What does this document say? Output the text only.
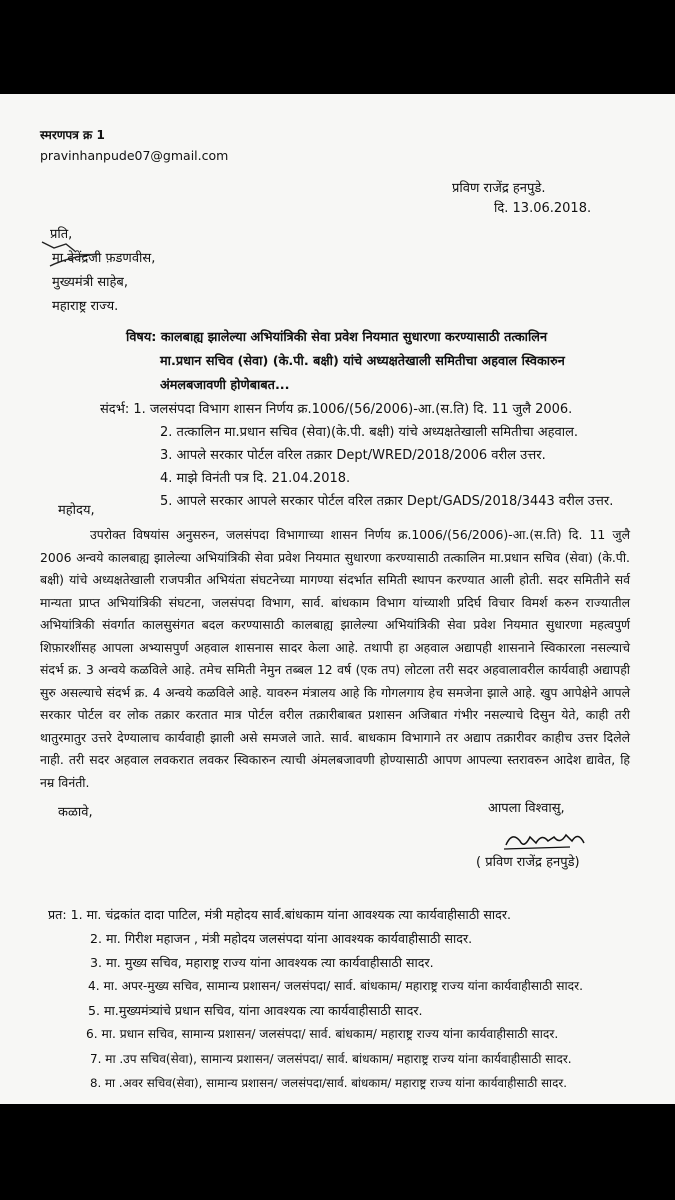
स्मरणपत्र क्र 1
pravinhanpude07@gmail.com
प्रविण राजेंद्र हनपुडे.
दि. 13.06.2018.
प्रति,
मा.देवेंद्रजी फ़डणवीस,
मुख्यमंत्री साहेब,
महाराष्ट्र राज्य.
विषय: कालबाह्य झालेल्या अभियांत्रिकी सेवा प्रवेश नियमात सुधारणा करण्यासाठी तत्कालिन
मा.प्रधान सचिव (सेवा) (के.पी. बक्षी) यांचे अध्यक्षतेखाली समितीचा अहवाल स्विकारुन
अंमलबजावणी होणेबाबत...
संदर्भ: 1. जलसंपदा विभाग शासन निर्णय क्र.1006/(56/2006)-आ.(स.ति) दि. 11 जुलै 2006.
2. तत्कालिन मा.प्रधान सचिव (सेवा)(के.पी. बक्षी) यांचे अध्यक्षतेखाली समितीचा अहवाल.
3. आपले सरकार पोर्टल वरिल तक्रार Dept/WRED/2018/2006 वरील उत्तर.
4. माझे विनंती पत्र दि. 21.04.2018.
5. आपले सरकार आपले सरकार पोर्टल वरिल तक्रार Dept/GADS/2018/3443 वरील उत्तर.
महोदय,
उपरोक्त विषयांस अनुसरुन, जलसंपदा विभागाच्या शासन निर्णय क्र.1006/(56/2006)-आ.(स.ति) दि. 11 जुलै 2006 अन्वये कालबाह्य झालेल्या अभियांत्रिकी सेवा प्रवेश नियमात सुधारणा करण्यासाठी तत्कालिन मा.प्रधान सचिव (सेवा) (के.पी. बक्षी) यांचे अध्यक्षतेखाली राजपत्रीत अभियंता संघटनेच्या मागण्या संदर्भात समिती स्थापन करण्यात आली होती. सदर समितीने सर्व मान्यता प्राप्त अभियांत्रिकी संघटना, जलसंपदा विभाग, सार्व. बांधकाम विभाग यांच्याशी प्रदिर्घ विचार विमर्श करुन राज्यातील अभियांत्रिकी संवर्गात कालसुसंगत बदल करण्यासाठी कालबाह्य झालेल्या अभियांत्रिकी सेवा प्रवेश नियमात सुधारणा महत्वपुर्ण शिफ़ारशींसह आपला अभ्यासपुर्ण अहवाल शासनास सादर केला आहे. तथापी हा अहवाल अद्यापही शासनाने स्विकारला नसल्याचे संदर्भ क्र. 3 अन्वये कळविले आहे. तमेच समिती नेमुन तब्बल 12 वर्ष (एक तप) लोटला तरी सदर अहवालावरील कार्यवाही अद्यापही सुरु असल्याचे संदर्भ क्र. 4 अन्वये कळविले आहे. यावरुन मंत्रालय आहे कि गोगलगाय हेच समजेना झाले आहे. खुप आपेक्षेने आपले सरकार पोर्टल वर लोक तक्रार करतात मात्र पोर्टल वरील तक्रारीबाबत प्रशासन अजिबात गंभीर नसल्याचे दिसुन येते, काही तरी थातुरमातुर उत्तरे देण्यालाच कार्यवाही झाली असे समजले जाते. सार्व. बाधकाम विभागाने तर अद्याप तक्रारीवर काहीच उत्तर दिलेले नाही. तरी सदर अहवाल लवकरात लवकर स्विकारुन त्याची अंमलबजावणी होण्यासाठी आपण आपल्या स्तरावरुन आदेश द्यावेत, हि नम्र विनंती.
कळावे,	आपला विश्वासु,
( प्रविण राजेंद्र हनपुडे)
प्रत: 1. मा. चंद्रकांत दादा पाटिल, मंत्री महोदय सार्व.बांधकाम यांना आवश्यक त्या कार्यवाहीसाठी सादर.
2. मा. गिरीश महाजन , मंत्री महोदय जलसंपदा यांना आवश्यक कार्यवाहीसाठी सादर.
3. मा. मुख्य सचिव, महाराष्ट्र राज्य यांना आवश्यक त्या कार्यवाहीसाठी सादर.
4. मा. अपर-मुख्य सचिव, सामान्य प्रशासन/ जलसंपदा/ सार्व. बांधकाम/ महाराष्ट्र राज्य यांना कार्यवाहीसाठी सादर.
5. मा.मुख्यमंत्र्यांचे प्रधान सचिव, यांना आवश्यक त्या कार्यवाहीसाठी सादर.
6. मा. प्रधान सचिव, सामान्य प्रशासन/ जलसंपदा/ सार्व. बांधकाम/ महाराष्ट्र राज्य यांना कार्यवाहीसाठी सादर.
7. मा .उप सचिव(सेवा), सामान्य प्रशासन/ जलसंपदा/ सार्व. बांधकाम/ महाराष्ट्र राज्य यांना कार्यवाहीसाठी सादर.
8. मा .अवर सचिव(सेवा), सामान्य प्रशासन/ जलसंपदा/सार्व. बांधकाम/ महाराष्ट्र राज्य यांना कार्यवाहीसाठी सादर.
